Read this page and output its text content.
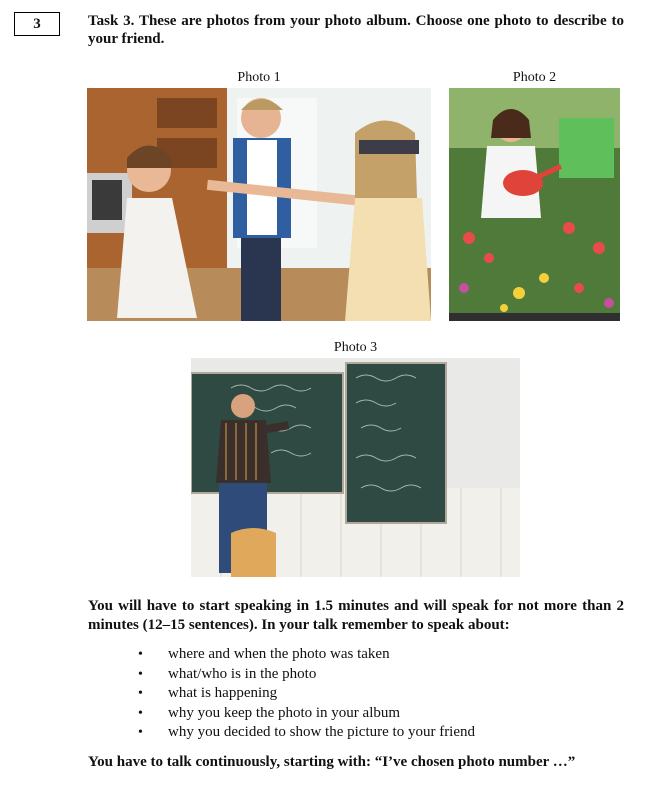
3	Task 3. These are photos from your photo album. Choose one photo to describe to your friend.
Photo 1	Photo 2
Photo 3
You will have to start speaking in 1.5 minutes and will speak for not more than 2 minutes (12–15 sentences). In your talk remember to speak about:
• where and when the photo was taken
• what/who is in the photo
• what is happening
• why you keep the photo in your album
• why you decided to show the picture to your friend
You have to talk continuously, starting with: “I’ve chosen photo number …”
